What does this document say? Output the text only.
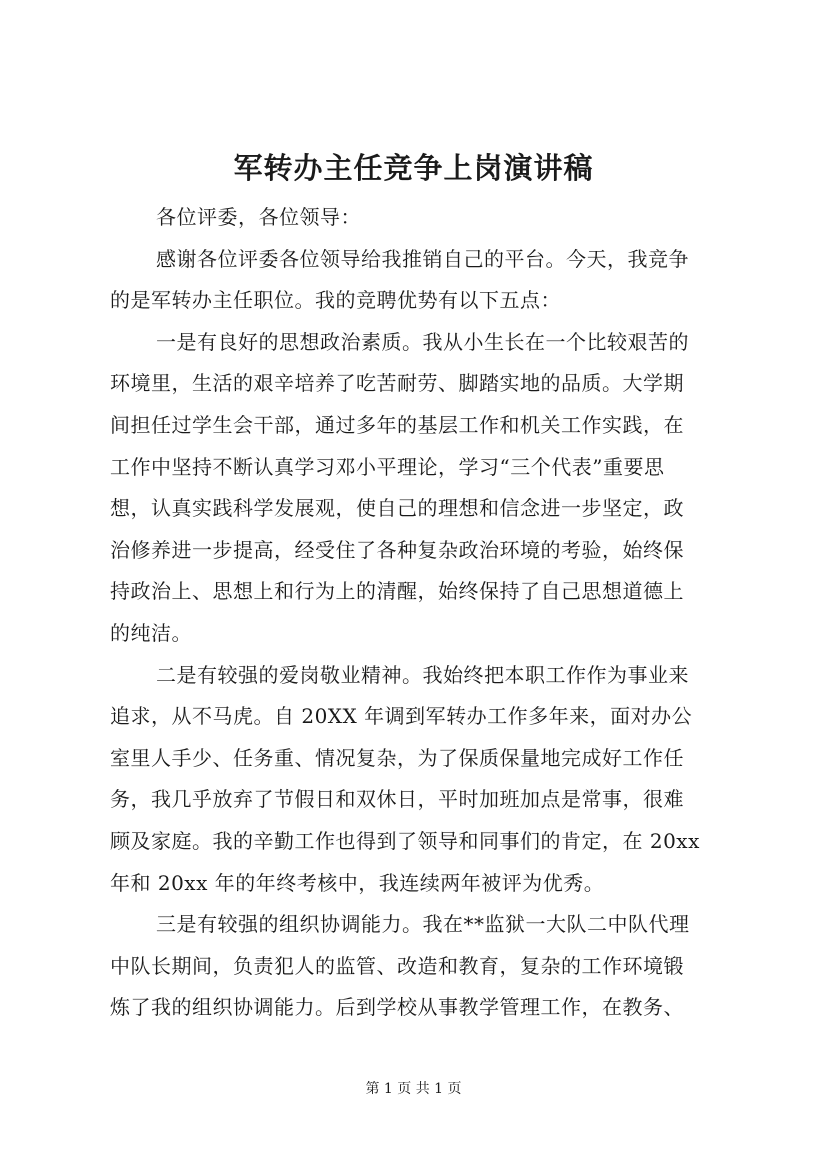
军转办主任竞争上岗演讲稿
各位评委，各位领导：
感谢各位评委各位领导给我推销自己的平台。今天，我竞争
的是军转办主任职位。我的竞聘优势有以下五点：
一是有良好的思想政治素质。我从小生长在一个比较艰苦的
环境里，生活的艰辛培养了吃苦耐劳、脚踏实地的品质。大学期
间担任过学生会干部，通过多年的基层工作和机关工作实践，在
工作中坚持不断认真学习邓小平理论，学习“三个代表”重要思
想，认真实践科学发展观，使自己的理想和信念进一步坚定，政
治修养进一步提高，经受住了各种复杂政治环境的考验，始终保
持政治上、思想上和行为上的清醒，始终保持了自己思想道德上
的纯洁。
二是有较强的爱岗敬业精神。我始终把本职工作作为事业来
追求，从不马虎。自 20XX 年调到军转办工作多年来，面对办公
室里人手少、任务重、情况复杂，为了保质保量地完成好工作任
务，我几乎放弃了节假日和双休日，平时加班加点是常事，很难
顾及家庭。我的辛勤工作也得到了领导和同事们的肯定，在 20xx
年和 20xx 年的年终考核中，我连续两年被评为优秀。
三是有较强的组织协调能力。我在**监狱一大队二中队代理
中队长期间，负责犯人的监管、改造和教育，复杂的工作环境锻
炼了我的组织协调能力。后到学校从事教学管理工作，在教务、
第 1 页 共 1 页
